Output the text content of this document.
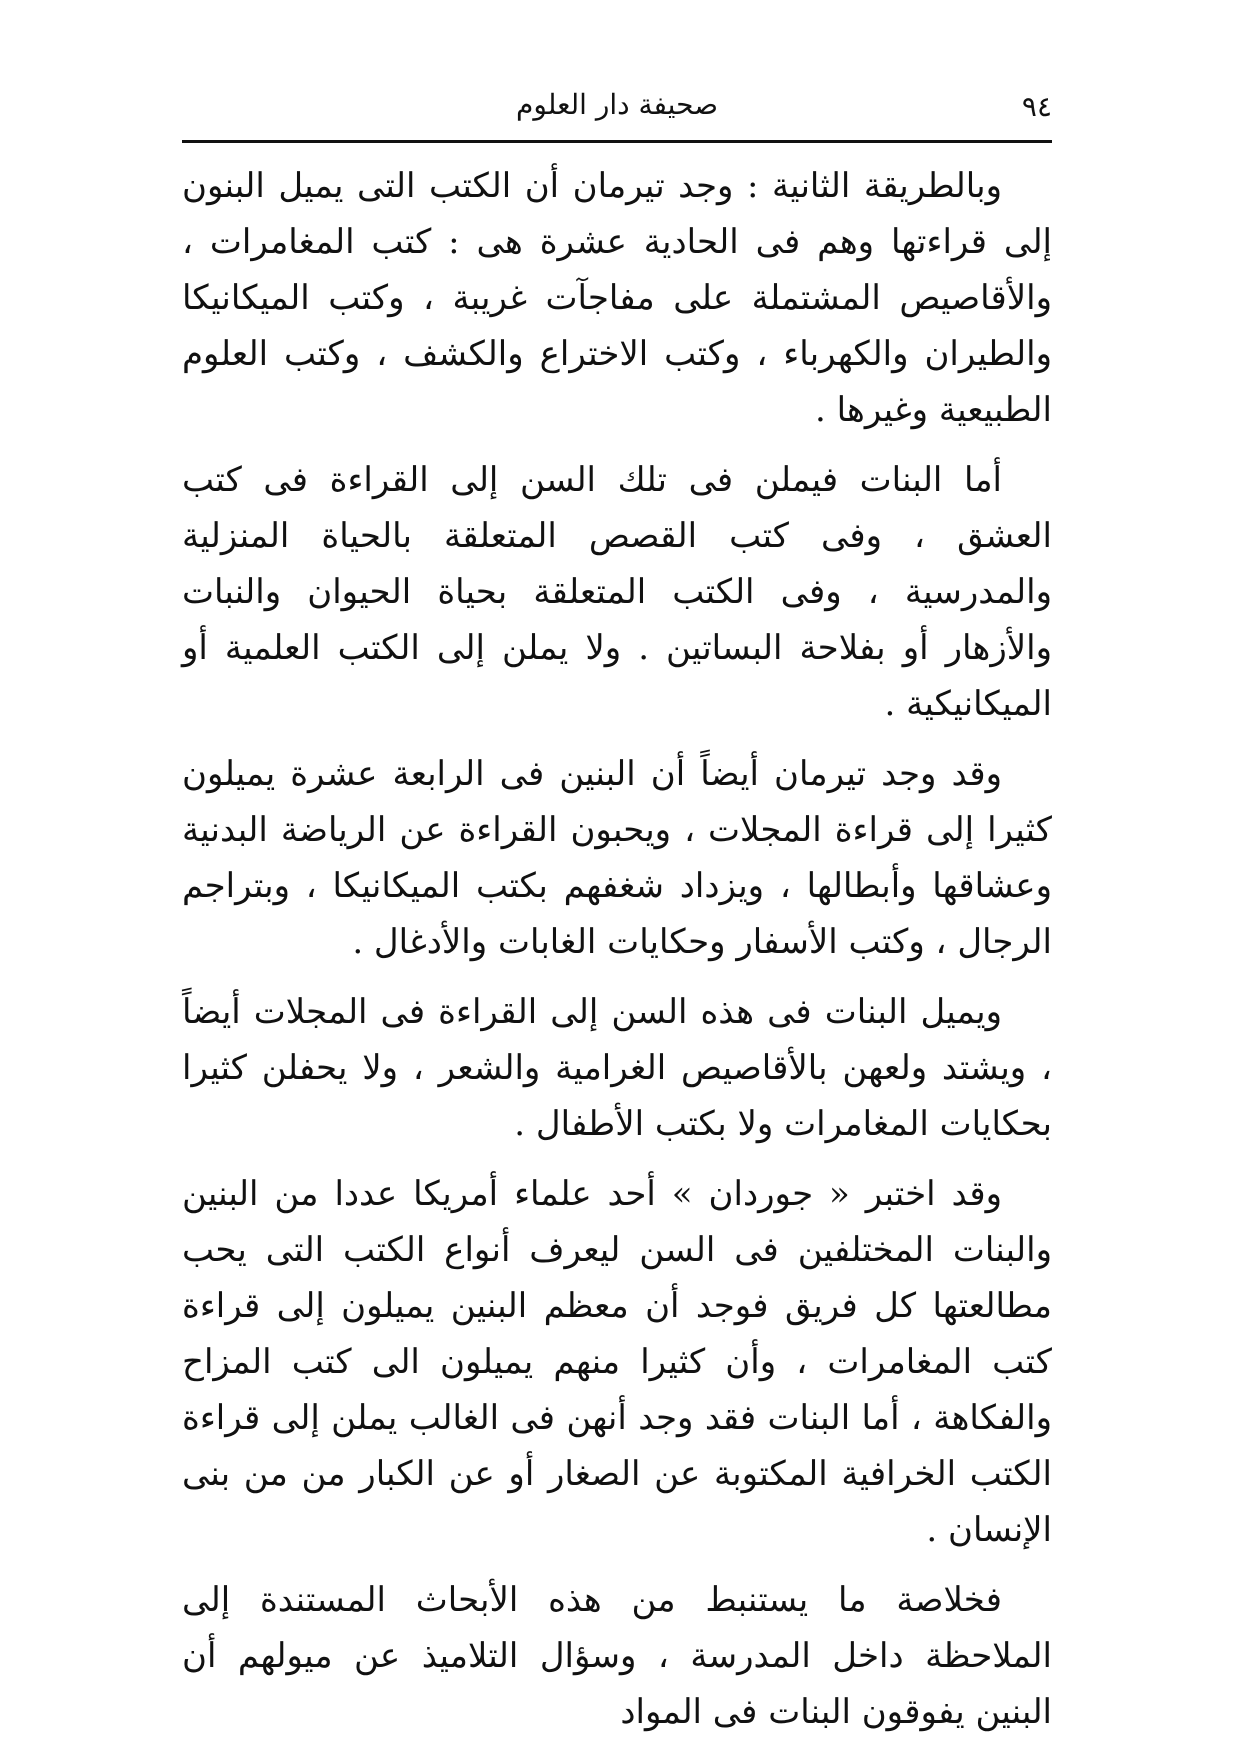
٩٤
صحيفة دار العلوم

وبالطريقة الثانية : وجد تيرمان أن الكتب التى يميل البنون إلى قراءتها وهم فى الحادية عشرة هى : كتب المغامرات ، والأقاصيص المشتملة على مفاجآت غريبة ، وكتب الميكانيكا والطيران والكهرباء ، وكتب الاختراع والكشف ، وكتب العلوم الطبيعية وغيرها .

أما البنات فيملن فى تلك السن إلى القراءة فى كتب العشق ، وفى كتب القصص المتعلقة بالحياة المنزلية والمدرسية ، وفى الكتب المتعلقة بحياة الحيوان والنبات والأزهار أو بفلاحة البساتين . ولا يملن إلى الكتب العلمية أو الميكانيكية .

وقد وجد تيرمان أيضاً أن البنين فى الرابعة عشرة يميلون كثيرا إلى قراءة المجلات ، ويحبون القراءة عن الرياضة البدنية وعشاقها وأبطالها ، ويزداد شغفهم بكتب الميكانيكا ، وبتراجم الرجال ، وكتب الأسفار وحكايات الغابات والأدغال .

ويميل البنات فى هذه السن إلى القراءة فى المجلات أيضاً ، ويشتد ولعهن بالأقاصيص الغرامية والشعر ، ولا يحفلن كثيرا بحكايات المغامرات ولا بكتب الأطفال .

وقد اختبر « جوردان » أحد علماء أمريكا عددا من البنين والبنات المختلفين فى السن ليعرف أنواع الكتب التى يحب مطالعتها كل فريق فوجد أن معظم البنين يميلون إلى قراءة كتب المغامرات ، وأن كثيرا منهم يميلون الى كتب المزاح والفكاهة ، أما البنات فقد وجد أنهن فى الغالب يملن إلى قراءة الكتب الخرافية المكتوبة عن الصغار أو عن الكبار من من بنى الإنسان .

فخلاصة ما يستنبط من هذه الأبحاث المستندة إلى الملاحظة داخل المدرسة ، وسؤال التلاميذ عن ميولهم أن البنين يفوقون البنات فى المواد
